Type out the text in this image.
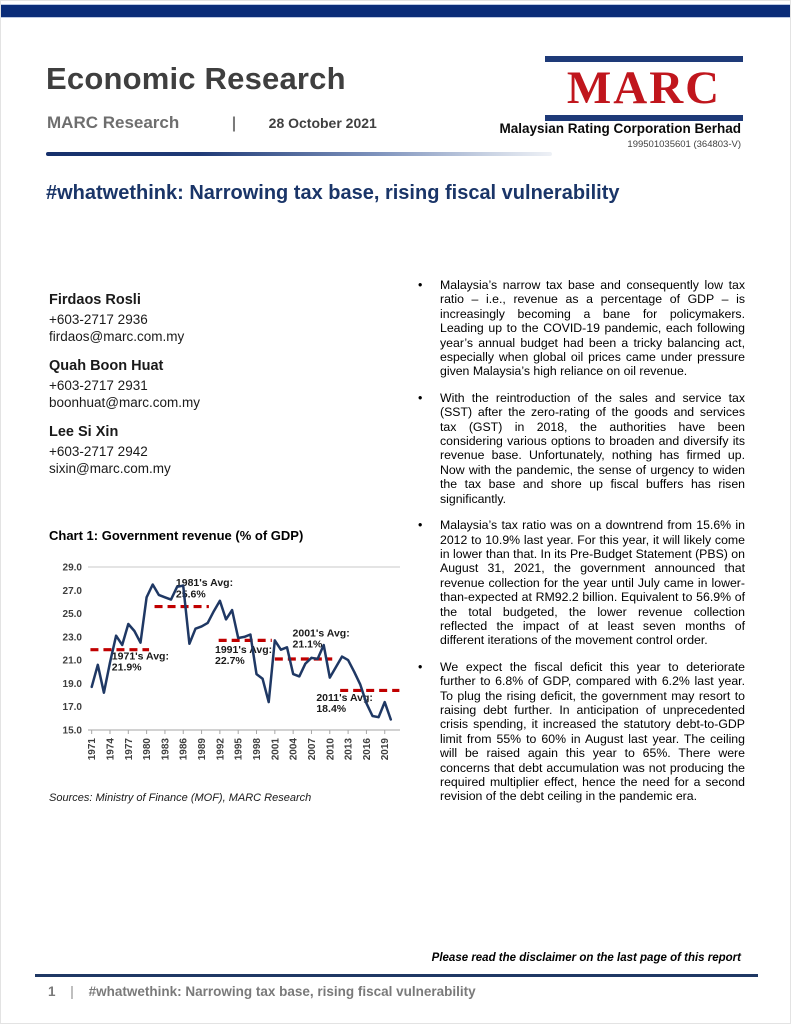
Economic Research
MARC Research	| 28 October 2021
MARC
Malaysian Rating Corporation Berhad
199501035601 (364803-V)
#whatwethink: Narrowing tax base, rising fiscal vulnerability
Firdaos Rosli
+603-2717 2936
firdaos@marc.com.my
Quah Boon Huat
+603-2717 2931
boonhuat@marc.com.my
Lee Si Xin
+603-2717 2942
sixin@marc.com.my
Chart 1: Government revenue (% of GDP)
15.0
17.0
19.0
21.0
23.0
25.0
27.0
29.0
1971 1974 1977 1980 1983 1986 1989 1992 1995 1998 2001 2004 2007 2010 2013 2016 2019
1971's Avg:
21.9%
1981's Avg:
25.6%
1991's Avg:
22.7%
2001's Avg:
21.1%
2011's Avg:
18.4%
Sources: Ministry of Finance (MOF), MARC Research
•	Malaysia’s narrow tax base and consequently low tax ratio – i.e., revenue as a percentage of GDP – is increasingly becoming a bane for policymakers. Leading up to the COVID-19 pandemic, each following year’s annual budget had been a tricky balancing act, especially when global oil prices came under pressure given Malaysia’s high reliance on oil revenue.

•	With the reintroduction of the sales and service tax (SST) after the zero-rating of the goods and services tax (GST) in 2018, the authorities have been considering various options to broaden and diversify its revenue base. Unfortunately, nothing has firmed up. Now with the pandemic, the sense of urgency to widen the tax base and shore up fiscal buffers has risen significantly.

•	Malaysia’s tax ratio was on a downtrend from 15.6% in 2012 to 10.9% last year. For this year, it will likely come in lower than that. In its Pre-Budget Statement (PBS) on August 31, 2021, the government announced that revenue collection for the year until July came in lower-than-expected at RM92.2 billion. Equivalent to 56.9% of the total budgeted, the lower revenue collection reflected the impact of at least seven months of different iterations of the movement control order.

•	We expect the fiscal deficit this year to deteriorate further to 6.8% of GDP, compared with 6.2% last year. To plug the rising deficit, the government may resort to raising debt further. In anticipation of unprecedented crisis spending, it increased the statutory debt-to-GDP limit from 55% to 60% in August last year. The ceiling will be raised again this year to 65%. There were concerns that debt accumulation was not producing the required multiplier effect, hence the need for a second revision of the debt ceiling in the pandemic era.

Please read the disclaimer on the last page of this report
1 | #whatwethink: Narrowing tax base, rising fiscal vulnerability
